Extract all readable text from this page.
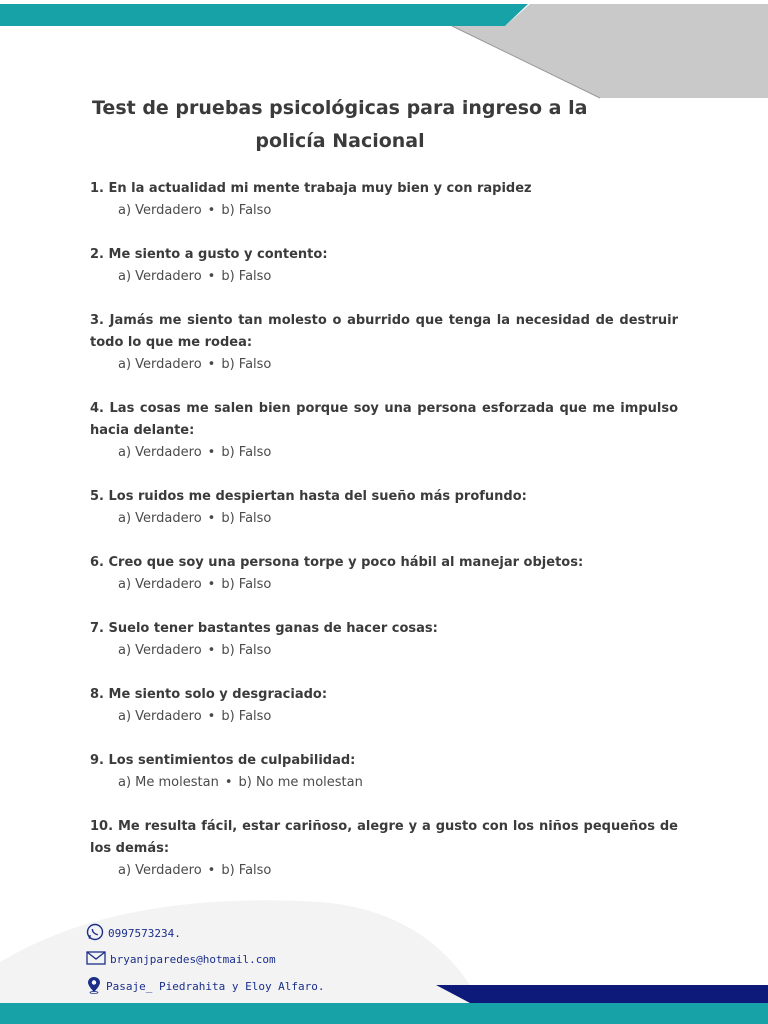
Test de pruebas psicológicas para ingreso a la
policía Nacional
1. En la actualidad mi mente trabaja muy bien y con rapidez
a) Verdadero • b) Falso
2. Me siento a gusto y contento:
a) Verdadero • b) Falso
3. Jamás me siento tan molesto o aburrido que tenga la necesidad de destruir todo lo que me rodea:
a) Verdadero • b) Falso
4. Las cosas me salen bien porque soy una persona esforzada que me impulso hacia delante:
a) Verdadero • b) Falso
5. Los ruidos me despiertan hasta del sueño más profundo:
a) Verdadero • b) Falso
6. Creo que soy una persona torpe y poco hábil al manejar objetos:
a) Verdadero • b) Falso
7. Suelo tener bastantes ganas de hacer cosas:
a) Verdadero • b) Falso
8. Me siento solo y desgraciado:
a) Verdadero • b) Falso
9. Los sentimientos de culpabilidad:
a) Me molestan • b) No me molestan
10. Me resulta fácil, estar cariñoso, alegre y a gusto con los niños pequeños de los demás:
a) Verdadero • b) Falso
0997573234.
bryanjparedes@hotmail.com
Pasaje_ Piedrahita y Eloy Alfaro.
